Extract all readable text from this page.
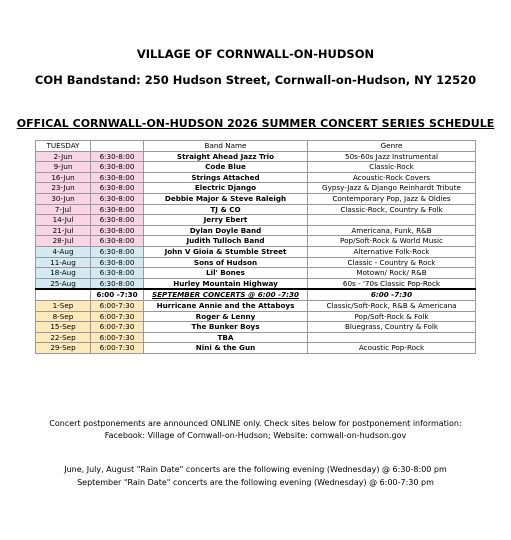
VILLAGE OF CORNWALL-ON-HUDSON
COH Bandstand: 250 Hudson Street, Cornwall-on-Hudson, NY 12520
OFFICAL CORNWALL-ON-HUDSON 2026 SUMMER CONCERT SERIES SCHEDULE
TUESDAY		Band Name	Genre
2-Jun	6:30-8:00	Straight Ahead Jazz Trio	50s-60s Jazz Instrumental
9-Jun	6:30-8:00	Code Blue	Classic-Rock
16-Jun	6:30-8:00	Strings Attached	Acoustic-Rock Covers
23-Jun	6:30-8:00	Electric Django	Gypsy-Jazz & Django Reinhardt Tribute
30-Jun	6:30-8:00	Debbie Major & Steve Raleigh	Contemporary Pop, Jazz & Oldies
7-Jul	6:30-8:00	TJ & CO	Classic-Rock, Country & Folk
14-Jul	6:30-8:00	Jerry Ebert	
21-Jul	6:30-8:00	Dylan Doyle Band	Americana, Funk, R&B
28-Jul	6:30-8:00	Judith Tulloch Band	Pop/Soft-Rock & World Music
4-Aug	6:30-8:00	John V Gioia & Stumble Street	Alternative Folk-Rock
11-Aug	6:30-8:00	Sons of Hudson	Classic - Country & Rock
18-Aug	6:30-8:00	Lil' Bones	Motown/ Rock/ R&B
25-Aug	6:30-8:00	Hurley Mountain Highway	60s - '70s Classic Pop-Rock
	6:00 -7:30	SEPTEMBER CONCERTS @ 6:00 -7:30	6:00 -7:30
1-Sep	6:00-7:30	Hurricane Annie and the Attaboys	Classic/Soft-Rock, R&B & Americana
8-Sep	6:00-7:30	Roger & Lenny	Pop/Soft-Rock & Folk
15-Sep	6:00-7:30	The Bunker Boys	Bluegrass, Country & Folk
22-Sep	6:00-7:30	TBA	
29-Sep	6:00-7:30	Nini & the Gun	Acoustic Pop-Rock
Concert postponements are announced ONLINE only. Check sites below for postponement information:
Facebook: Village of Cornwall-on-Hudson; Website: cornwall-on-hudson.gov
June, July, August "Rain Date" concerts are the following evening (Wednesday) @ 6:30-8:00 pm
September "Rain Date" concerts are the following evening (Wednesday) @ 6:00-7:30 pm
